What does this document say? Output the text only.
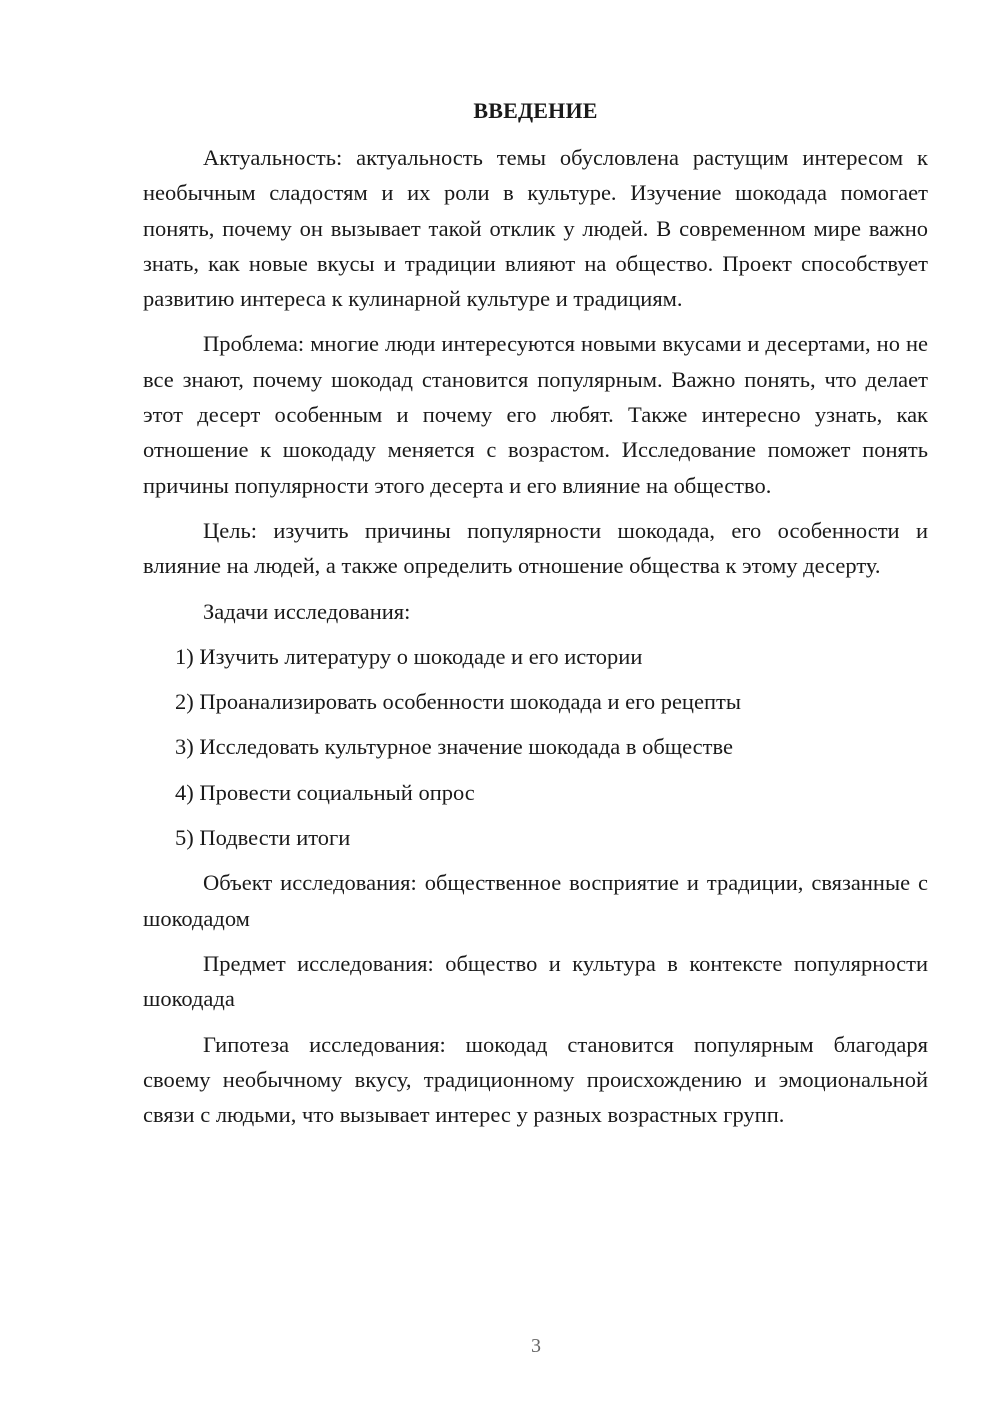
ВВЕДЕНИЕ

Актуальность: актуальность темы обусловлена растущим интересом к необычным сладостям и их роли в культуре. Изучение шокодада помогает понять, почему он вызывает такой отклик у людей. В современном мире важно знать, как новые вкусы и традиции влияют на общество. Проект способствует развитию интереса к кулинарной культуре и традициям.

Проблема: многие люди интересуются новыми вкусами и десертами, но не все знают, почему шокодад становится популярным. Важно понять, что делает этот десерт особенным и почему его любят. Также интересно узнать, как отношение к шокодаду меняется с возрастом. Исследование поможет понять причины популярности этого десерта и его влияние на общество.

Цель: изучить причины популярности шокодада, его особенности и влияние на людей, а также определить отношение общества к этому десерту.

Задачи исследования:

1) Изучить литературу о шокодаде и его истории
2) Проанализировать особенности шокодада и его рецепты
3) Исследовать культурное значение шокодада в обществе
4) Провести социальный опрос
5) Подвести итоги

Объект исследования: общественное восприятие и традиции, связанные с шокодадом

Предмет исследования: общество и культура в контексте популярности шокодада

Гипотеза исследования: шокодад становится популярным благодаря своему необычному вкусу, традиционному происхождению и эмоциональной связи с людьми, что вызывает интерес у разных возрастных групп.

3
